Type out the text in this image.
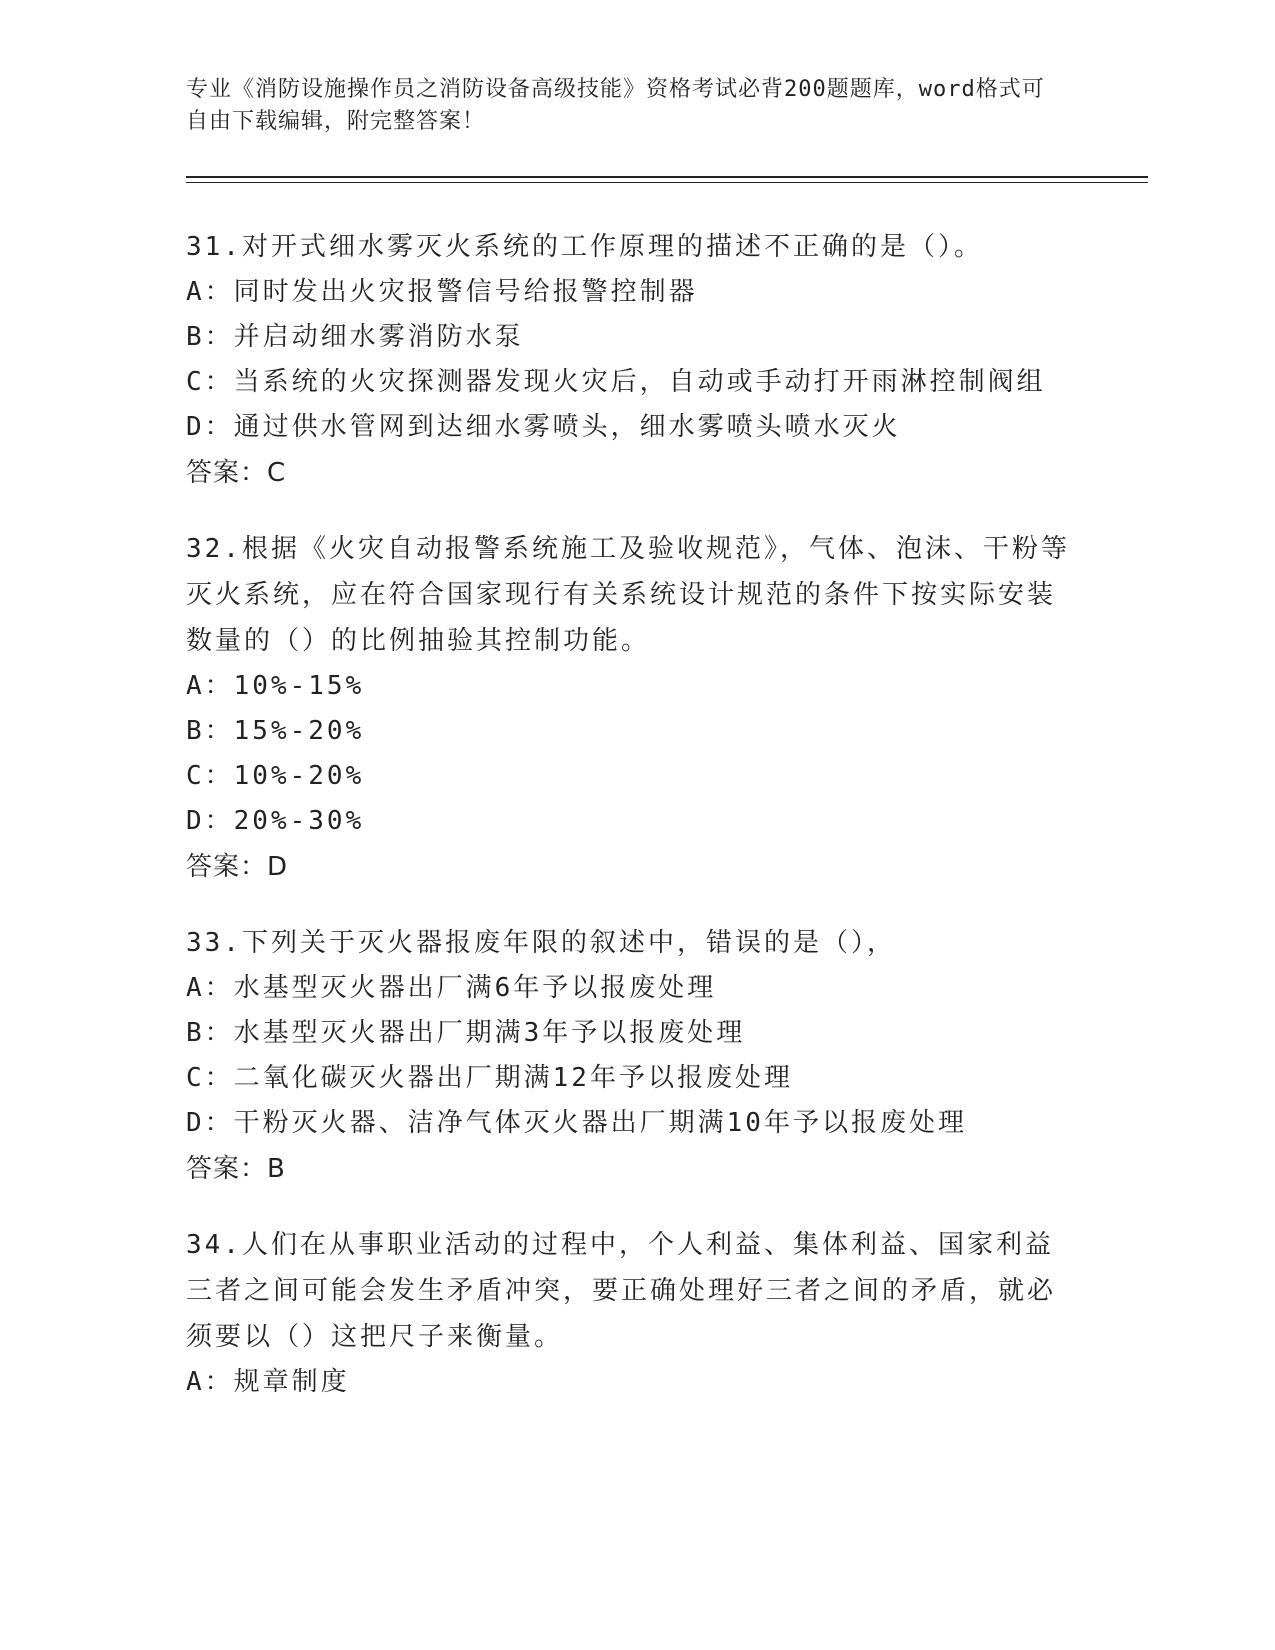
专业《消防设施操作员之消防设备高级技能》资格考试必背200题题库，word格式可自由下载编辑，附完整答案！
31.对开式细水雾灭火系统的工作原理的描述不正确的是（）。
A：同时发出火灾报警信号给报警控制器
B：并启动细水雾消防水泵
C：当系统的火灾探测器发现火灾后，自动或手动打开雨淋控制阀组
D：通过供水管网到达细水雾喷头，细水雾喷头喷水灭火
答案：C
32.根据《火灾自动报警系统施工及验收规范》，气体、泡沫、干粉等灭火系统，应在符合国家现行有关系统设计规范的条件下按实际安装数量的（）的比例抽验其控制功能。
A：10%-15%
B：15%-20%
C：10%-20%
D：20%-30%
答案：D
33.下列关于灭火器报废年限的叙述中，错误的是（），
A：水基型灭火器出厂满6年予以报废处理
B：水基型灭火器出厂期满3年予以报废处理
C：二氧化碳灭火器出厂期满12年予以报废处理
D：干粉灭火器、洁净气体灭火器出厂期满10年予以报废处理
答案：B
34.人们在从事职业活动的过程中，个人利益、集体利益、国家利益三者之间可能会发生矛盾冲突，要正确处理好三者之间的矛盾，就必须要以（）这把尺子来衡量。
A：规章制度
